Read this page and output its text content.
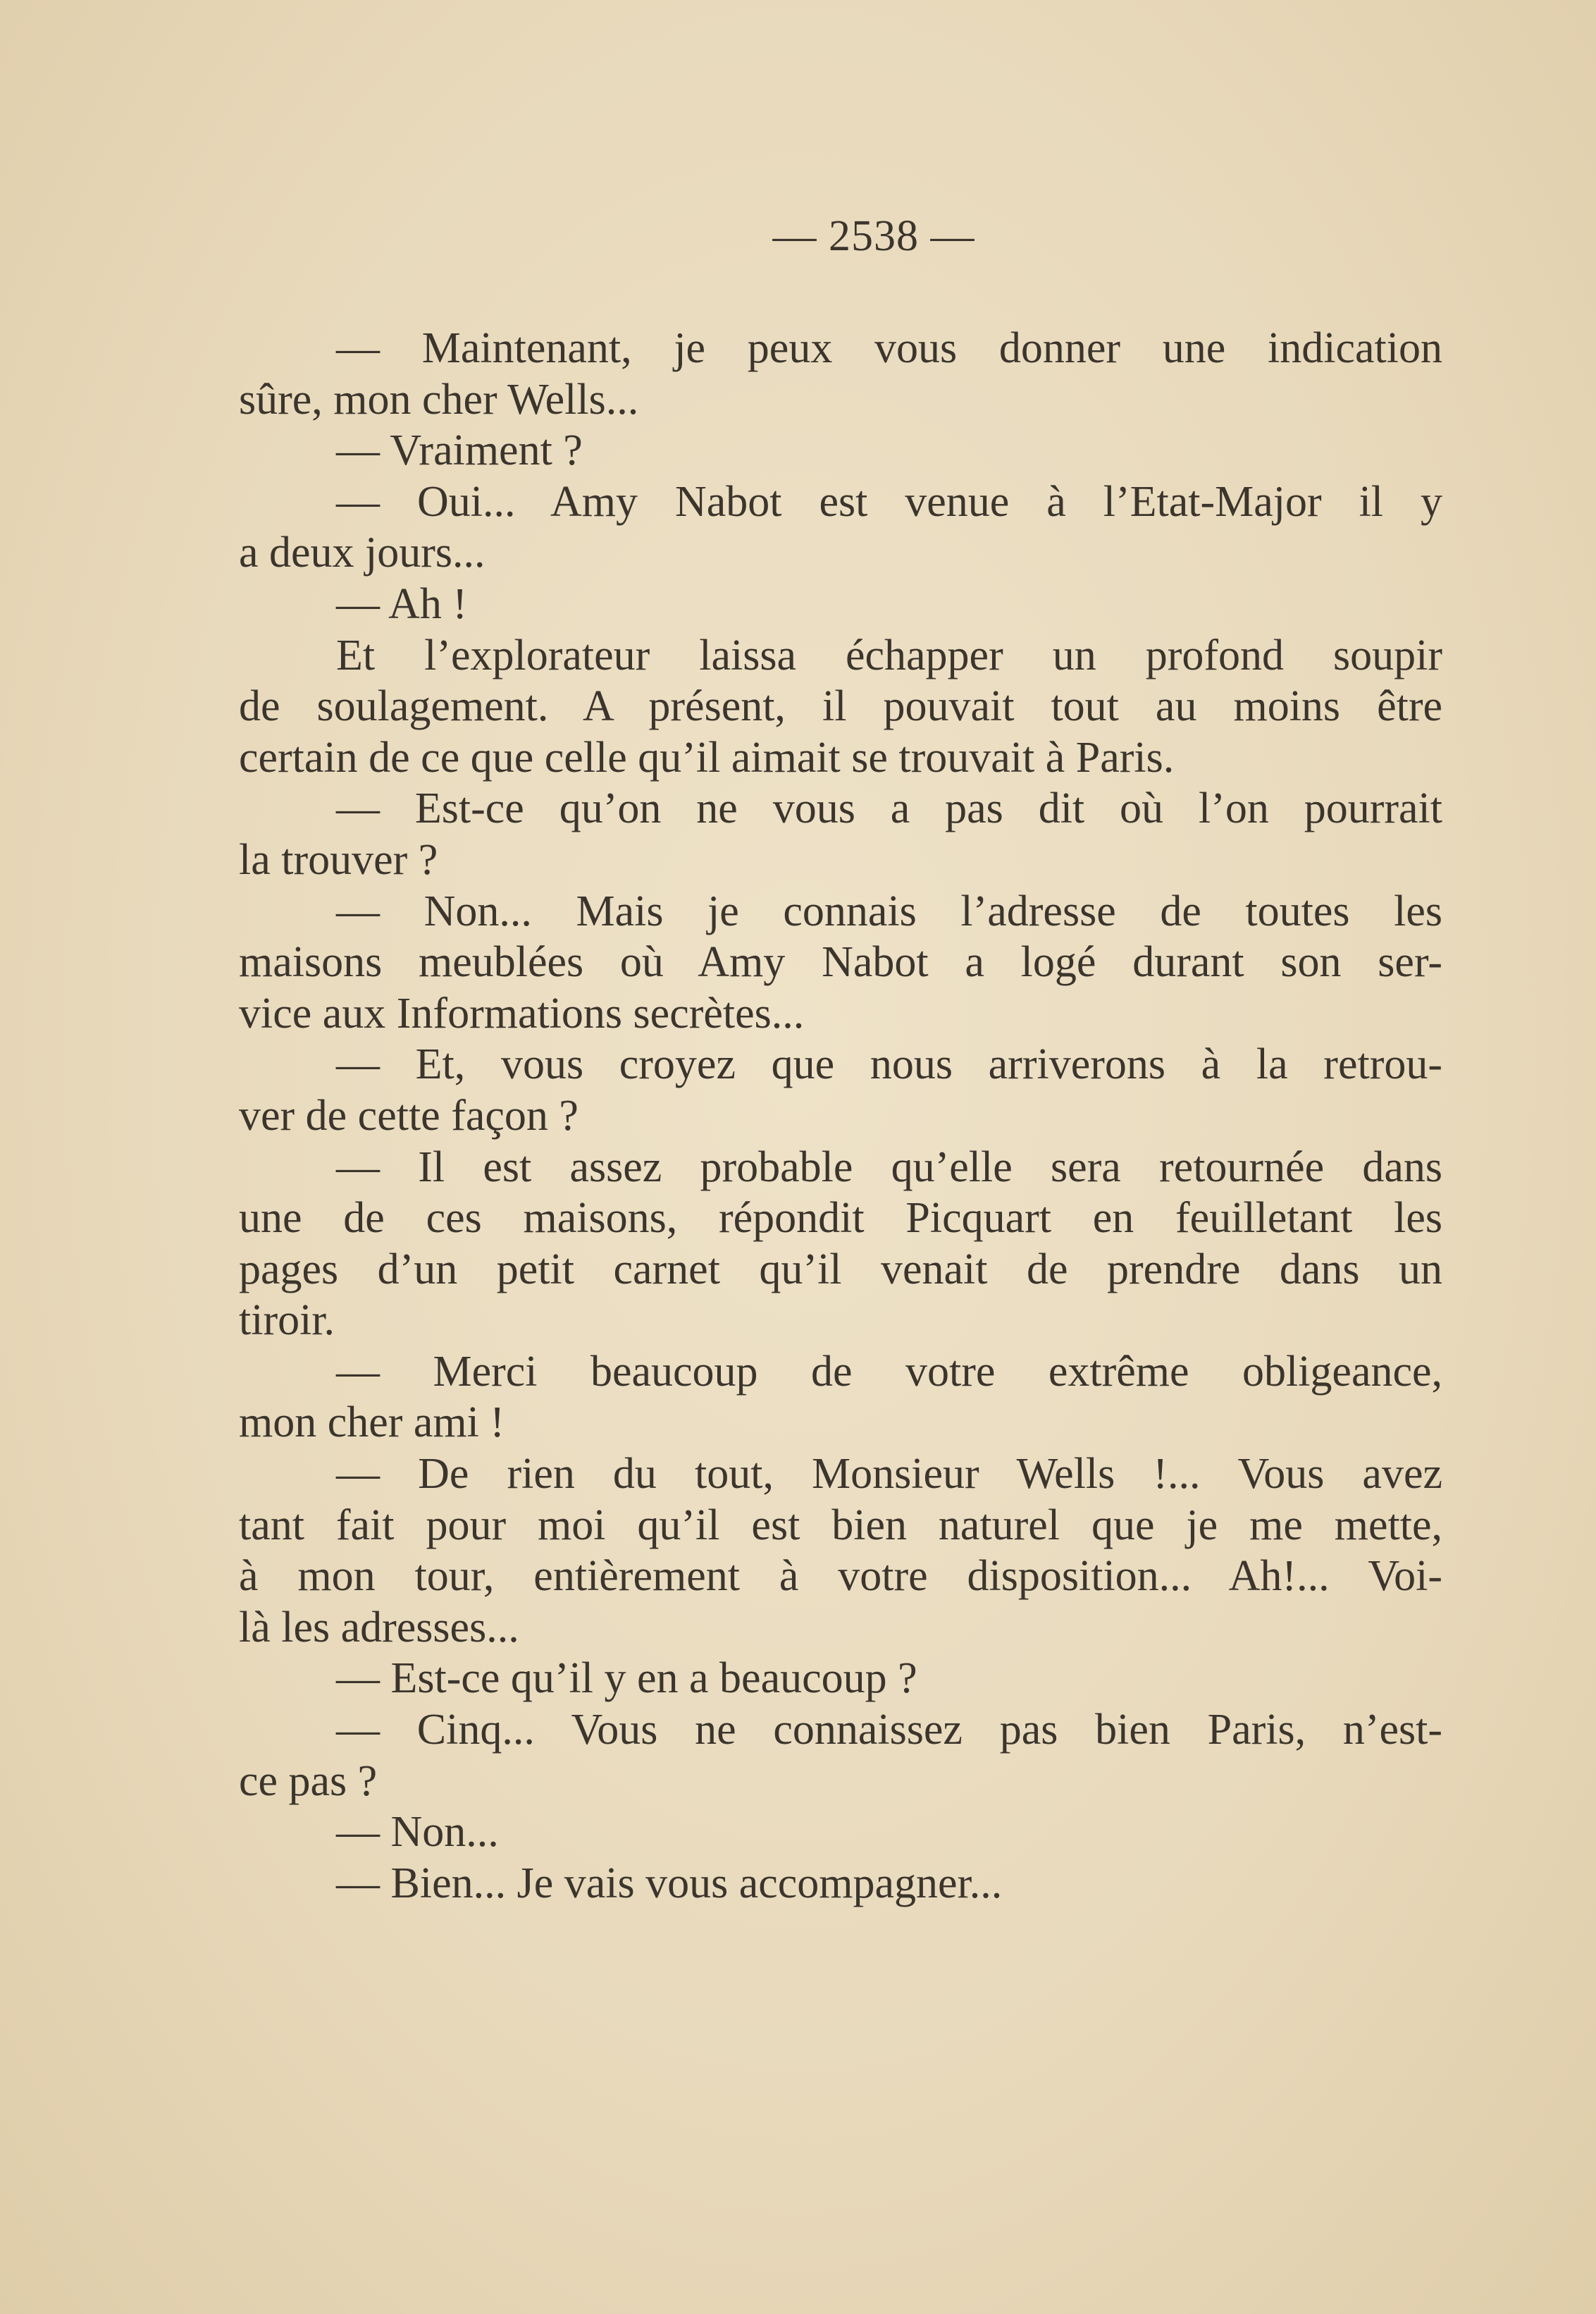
— 2538 —
— Maintenant, je peux vous donner une indication
sûre, mon cher Wells...
— Vraiment ?
— Oui... Amy Nabot est venue à l’Etat-Major il y
a deux jours...
— Ah !
Et l’explorateur laissa échapper un profond soupir
de soulagement. A présent, il pouvait tout au moins être
certain de ce que celle qu’il aimait se trouvait à Paris.
— Est-ce qu’on ne vous a pas dit où l’on pourrait
la trouver ?
— Non... Mais je connais l’adresse de toutes les
maisons meublées où Amy Nabot a logé durant son ser-
vice aux Informations secrètes...
— Et, vous croyez que nous arriverons à la retrou-
ver de cette façon ?
— Il est assez probable qu’elle sera retournée dans
une de ces maisons, répondit Picquart en feuilletant les
pages d’un petit carnet qu’il venait de prendre dans un
tiroir.
— Merci beaucoup de votre extrême obligeance,
mon cher ami !
— De rien du tout, Monsieur Wells !... Vous avez
tant fait pour moi qu’il est bien naturel que je me mette,
à mon tour, entièrement à votre disposition... Ah!... Voi-
là les adresses...
— Est-ce qu’il y en a beaucoup ?
— Cinq... Vous ne connaissez pas bien Paris, n’est-
ce pas ?
— Non...
— Bien... Je vais vous accompagner...
